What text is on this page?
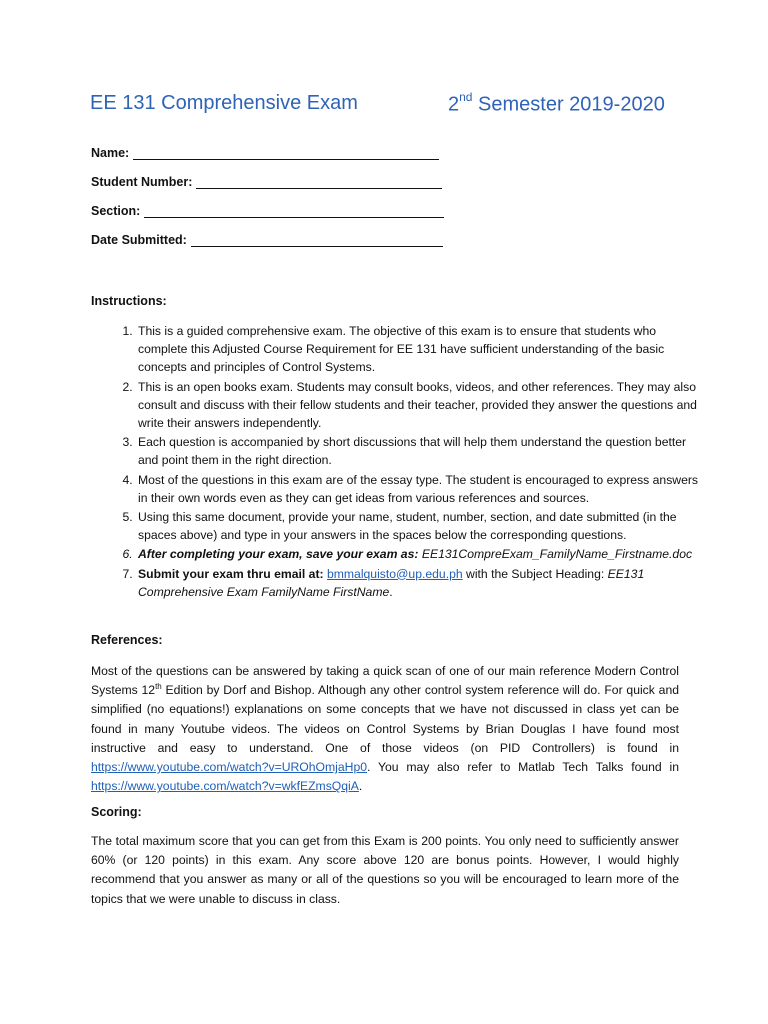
EE 131 Comprehensive Exam	2nd Semester 2019-2020
Name:
Student Number:
Section:
Date Submitted:
Instructions:
1. This is a guided comprehensive exam. The objective of this exam is to ensure that students who complete this Adjusted Course Requirement for EE 131 have sufficient understanding of the basic concepts and principles of Control Systems.
2. This is an open books exam. Students may consult books, videos, and other references. They may also consult and discuss with their fellow students and their teacher, provided they answer the questions and write their answers independently.
3. Each question is accompanied by short discussions that will help them understand the question better and point them in the right direction.
4. Most of the questions in this exam are of the essay type. The student is encouraged to express answers in their own words even as they can get ideas from various references and sources.
5. Using this same document, provide your name, student, number, section, and date submitted (in the spaces above) and type in your answers in the spaces below the corresponding questions.
6. After completing your exam, save your exam as: EE131CompreExam_FamilyName_Firstname.doc
7. Submit your exam thru email at: bmmalquisto@up.edu.ph with the Subject Heading: EE131 Comprehensive Exam FamilyName FirstName.
References:
Most of the questions can be answered by taking a quick scan of one of our main reference Modern Control Systems 12th Edition by Dorf and Bishop. Although any other control system reference will do. For quick and simplified (no equations!) explanations on some concepts that we have not discussed in class yet can be found in many Youtube videos. The videos on Control Systems by Brian Douglas I have found most instructive and easy to understand. One of those videos (on PID Controllers) is found in https://www.youtube.com/watch?v=UROhOmjaHp0. You may also refer to Matlab Tech Talks found in https://www.youtube.com/watch?v=wkfEZmsQqiA.
Scoring:
The total maximum score that you can get from this Exam is 200 points. You only need to sufficiently answer 60% (or 120 points) in this exam. Any score above 120 are bonus points. However, I would highly recommend that you answer as many or all of the questions so you will be encouraged to learn more of the topics that we were unable to discuss in class.
